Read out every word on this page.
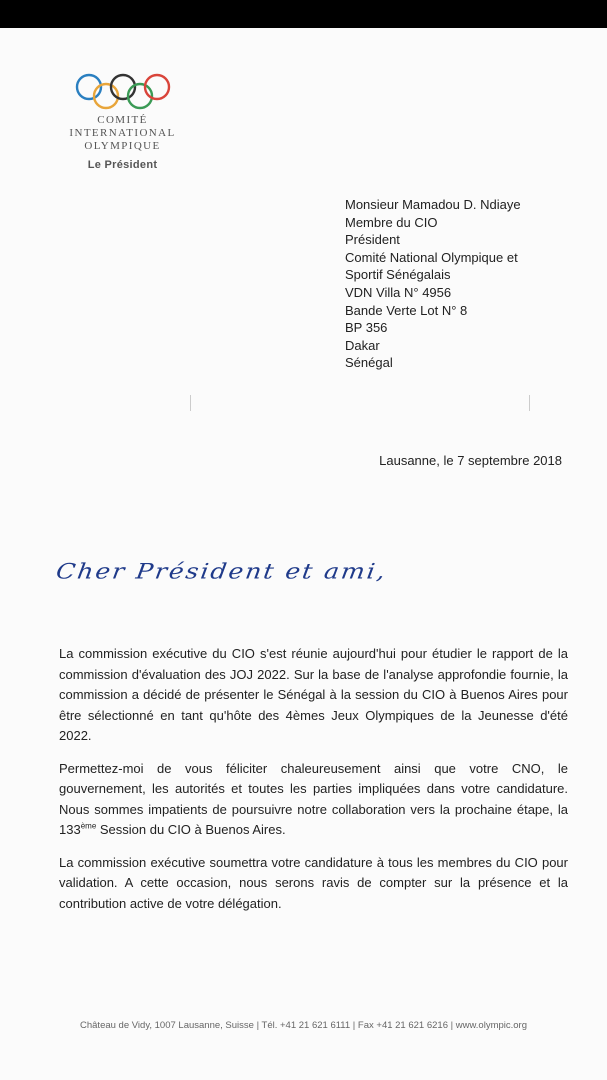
COMITÉ
INTERNATIONAL
OLYMPIQUE
Le Président
Monsieur Mamadou D. Ndiaye
Membre du CIO
Président
Comité National Olympique et
Sportif Sénégalais
VDN Villa N° 4956
Bande Verte Lot N° 8
BP 356
Dakar
Sénégal
Lausanne, le 7 septembre 2018
Cher Président et ami,

La commission exécutive du CIO s'est réunie aujourd'hui pour étudier le rapport de la commission d'évaluation des JOJ 2022. Sur la base de l'analyse approfondie fournie, la commission a décidé de présenter le Sénégal à la session du CIO à Buenos Aires pour être sélectionné en tant qu'hôte des 4èmes Jeux Olympiques de la Jeunesse d'été 2022.

Permettez-moi de vous féliciter chaleureusement ainsi que votre CNO, le gouvernement, les autorités et toutes les parties impliquées dans votre candidature. Nous sommes impatients de poursuivre notre collaboration vers la prochaine étape, la 133ème Session du CIO à Buenos Aires.

La commission exécutive soumettra votre candidature à tous les membres du CIO pour validation. A cette occasion, nous serons ravis de compter sur la présence et la contribution active de votre délégation.

Château de Vidy, 1007 Lausanne, Suisse | Tél. +41 21 621 6111 | Fax +41 21 621 6216 | www.olympic.org
